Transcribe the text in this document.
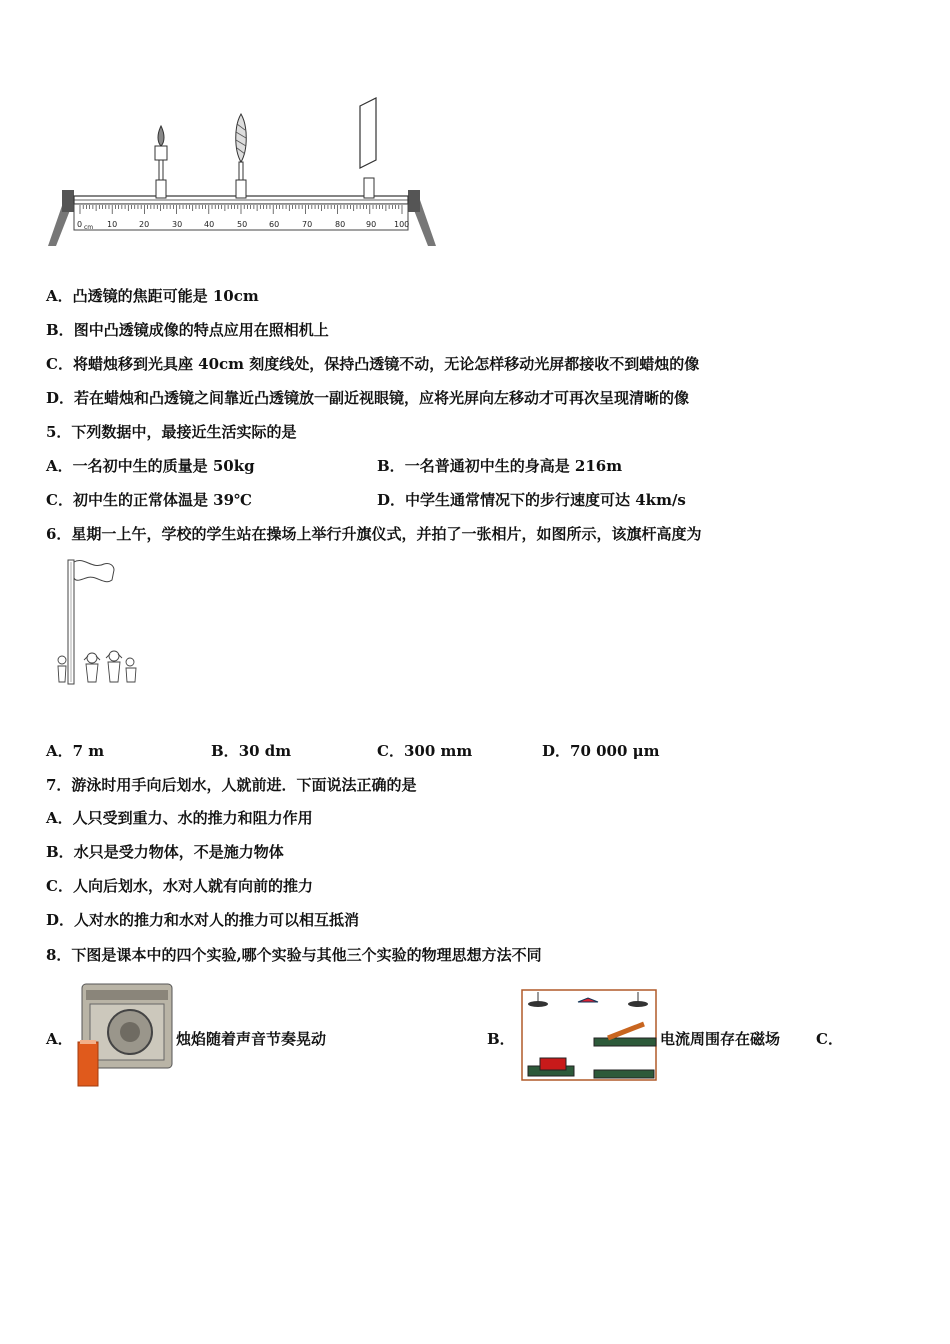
0 cm 10	20	30	40	50	60	70	80	90 100
A．凸透镜的焦距可能是 10cm
B．图中凸透镜成像的特点应用在照相机上
C．将蜡烛移到光具座 40cm 刻度线处，保持凸透镜不动，无论怎样移动光屏都接收不到蜡烛的像
D．若在蜡烛和凸透镜之间靠近凸透镜放一副近视眼镜，应将光屏向左移动才可再次呈现清晰的像
5．下列数据中，最接近生活实际的是
A．一名初中生的质量是 50kg	B．一名普通初中生的身高是 216m
C．初中生的正常体温是 39℃	D．中学生通常情况下的步行速度可达 4km/s
6．星期一上午，学校的学生站在操场上举行升旗仪式，并拍了一张相片，如图所示，该旗杆高度为
A．7 m	B．30 dm	C．300 mm	D．70 000 μm
7．游泳时用手向后划水，人就前进．下面说法正确的是
A．人只受到重力、水的推力和阻力作用
B．水只是受力物体，不是施力物体
C．人向后划水，水对人就有向前的推力
D．人对水的推力和水对人的推力可以相互抵消
8．下图是课本中的四个实验,哪个实验与其他三个实验的物理思想方法不同
A．	烛焰随着声音节奏晃动	B．	电流周围存在磁场 C．
